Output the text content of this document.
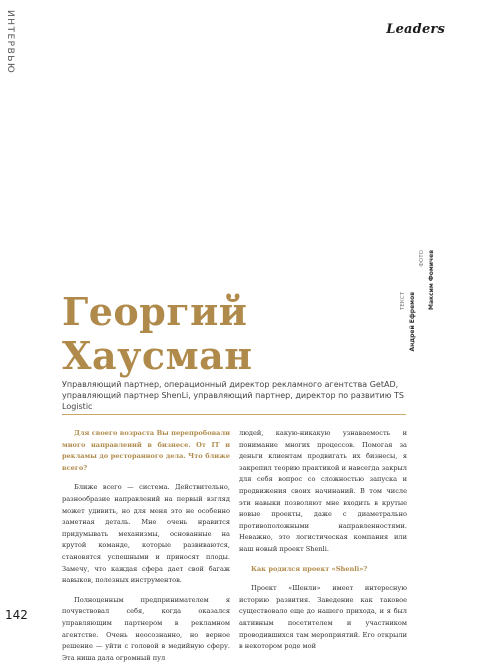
ИНТЕРВЬЮ	Leaders
ФОТО Максим Фомичев
ТЕКСТ Андрей Ефремов
Георгий
Хаусман
Управляющий партнер, операционный директор рекламного агентства GetAD, управляющий партнер ShenLi, управляющий партнер, директор по развитию TS Logistic

Для своего возраста Вы перепробовали много направлений в бизнесе. От IT и рекламы до ресторанного дела. Что ближе всего?

Ближе всего — система. Действительно, разнообразие направлений на первый взгляд может удивить, но для меня это не особенно заметная деталь. Мне очень нравится придумывать механизмы, основанные на крутой команде, которые развиваются, становятся успешными и приносят плоды. Замечу, что каждая сфера дает свой багаж навыков, полезных инструментов.

Полноценным предпринимателем я почувствовал себя, когда оказался управляющим партнером в рекламном агентстве. Очень неосознанно, но верное решение — уйти с головой в медийную сферу. Эта ниша дала огромный пул

людей, какую-никакую узнаваемость и понимание многих процессов. Помогая за деньги клиентам продвигать их бизнесы, я закрепил теорию практикой и навсегда закрыл для себя вопрос со сложностью запуска и продвижения своих начинаний. В том числе эти навыки позволяют мне входить в крутые новые проекты, даже с диаметрально противоположными направленностями. Неважно, это логистическая компания или наш новый проект Shenli.

Как родился проект «Shenli»?

Проект «Шенли» имеет интересную историю развития. Заведение как таковое существовало еще до нашего прихода, и я был активным посетителем и участником проводившихся там мероприятий. Его открыли в некотором роде мой

142
